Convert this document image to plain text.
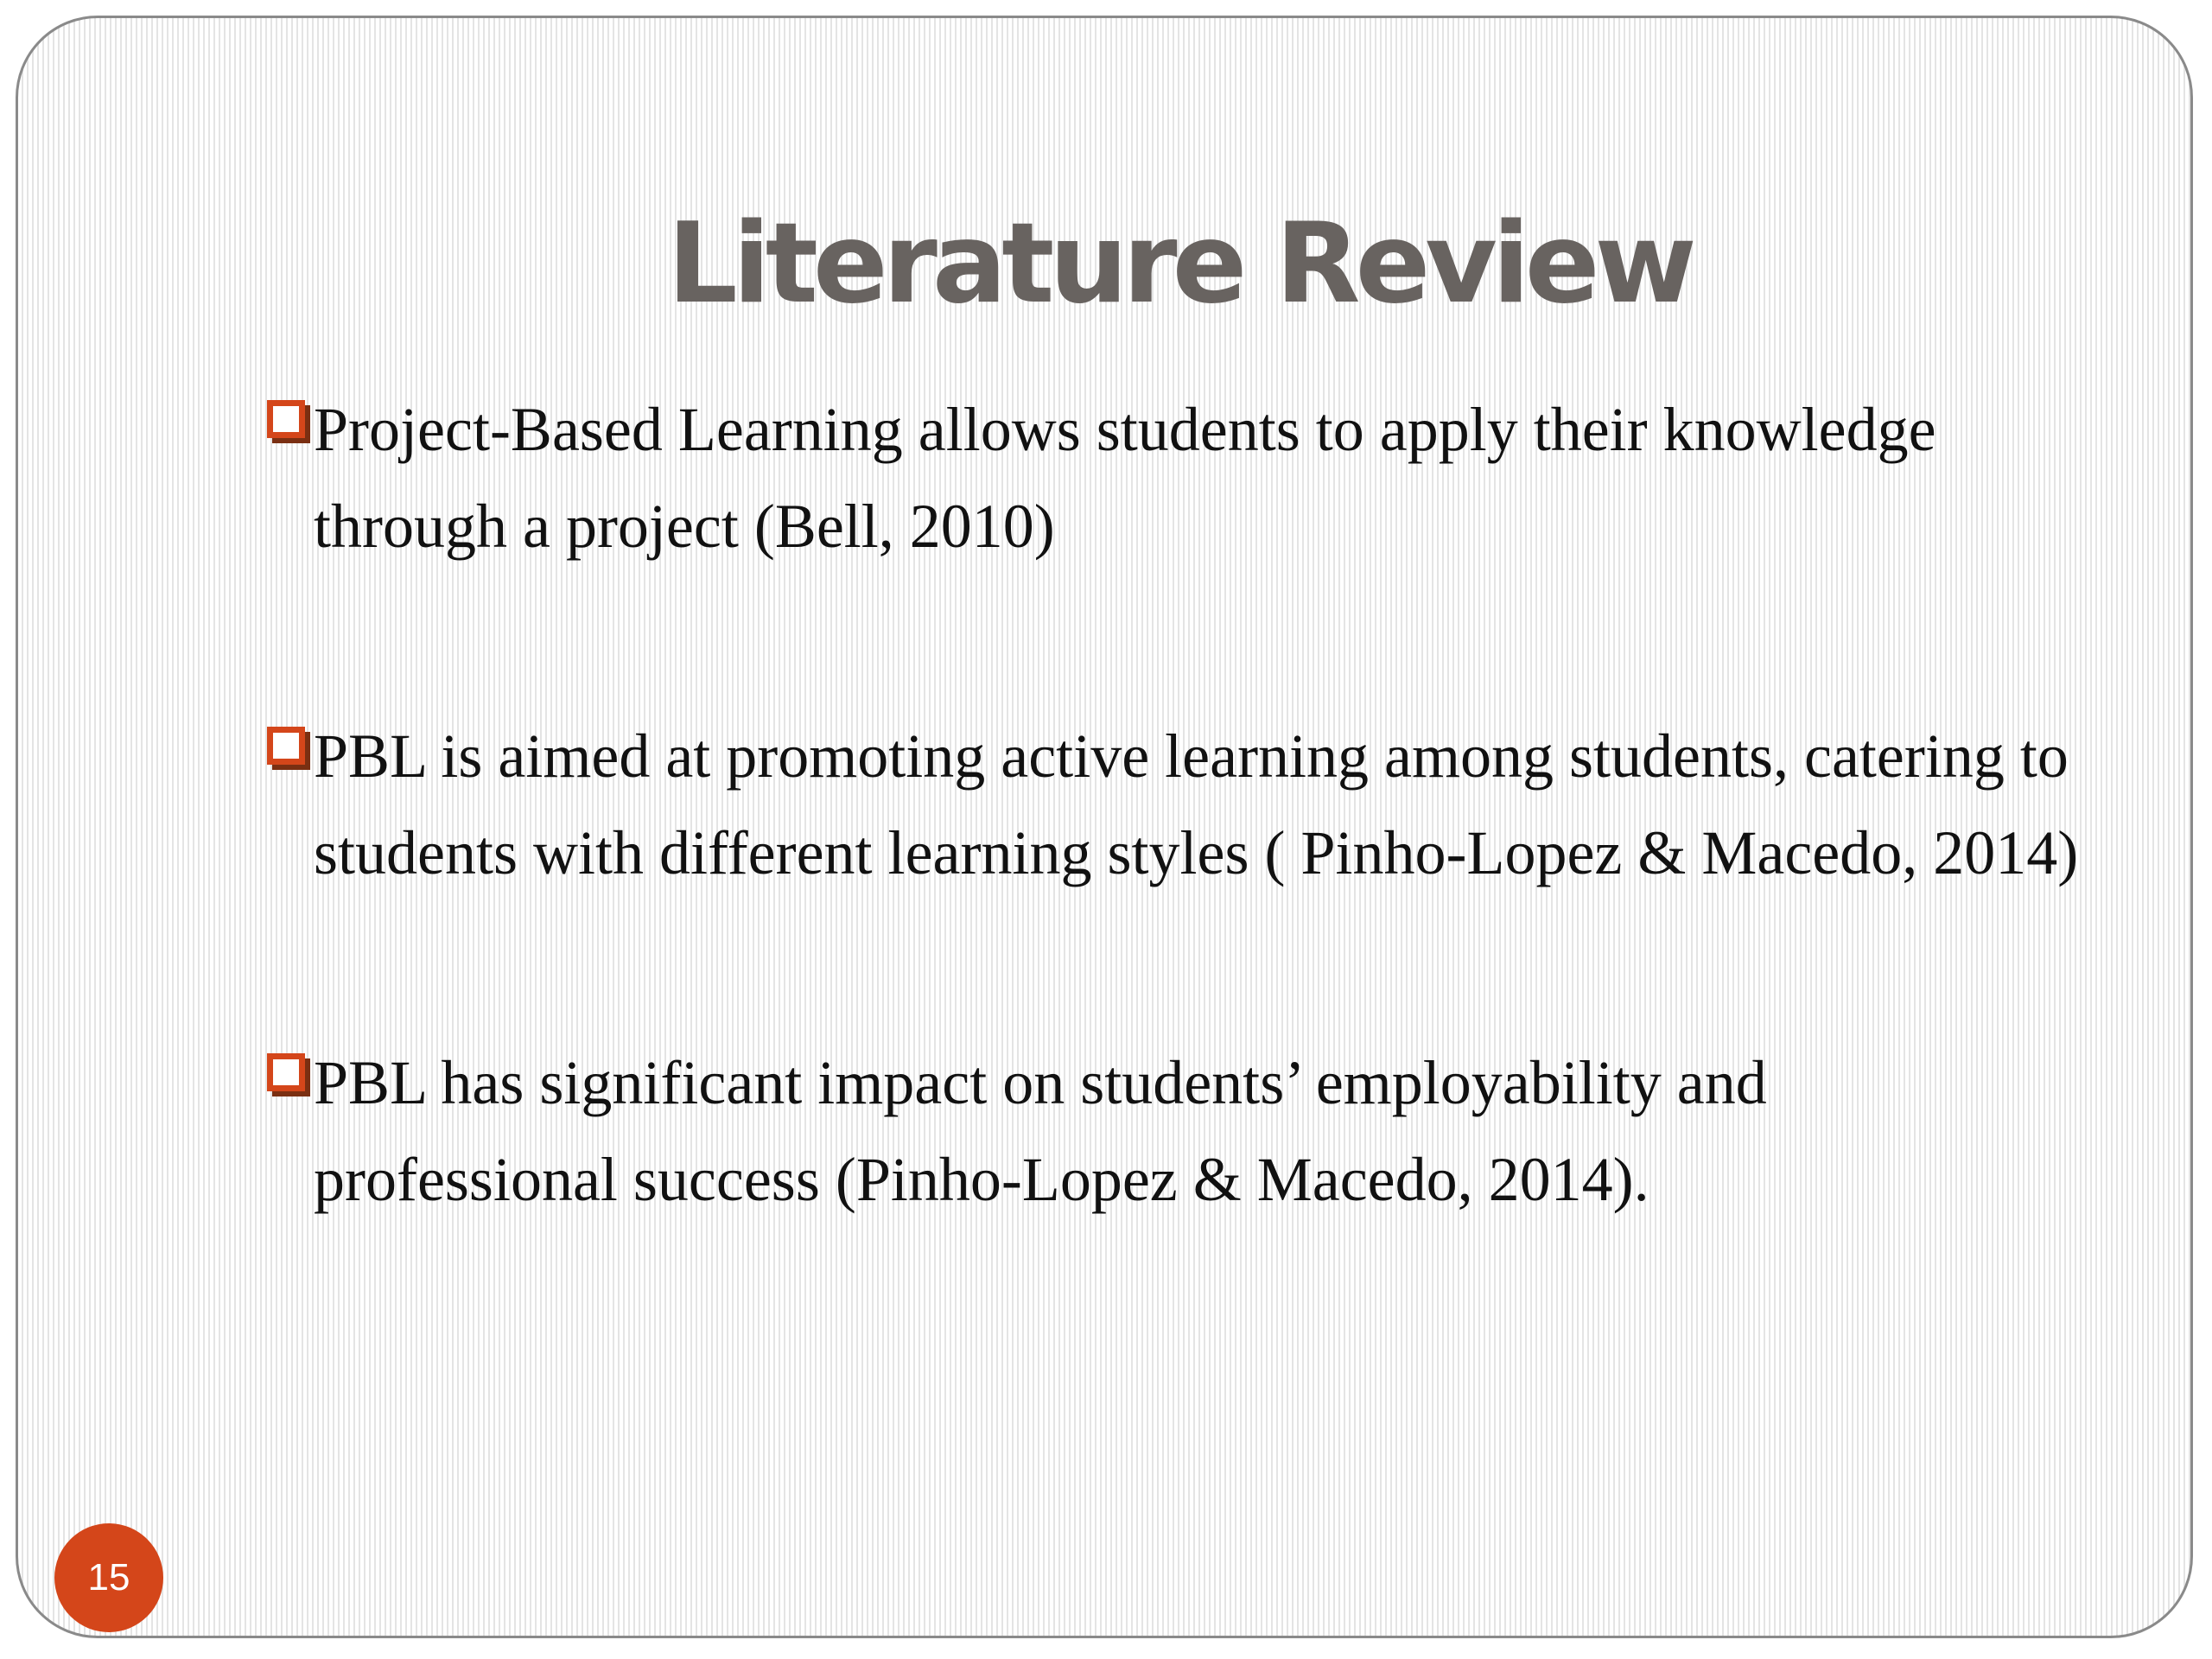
Literature Review
Project-Based Learning allows students to apply their knowledge through a project (Bell, 2010)
PBL is aimed at promoting active learning among students, catering to students with different learning styles ( Pinho-Lopez & Macedo, 2014)
PBL has significant impact on students’ employability and professional success (Pinho-Lopez & Macedo, 2014).
15
